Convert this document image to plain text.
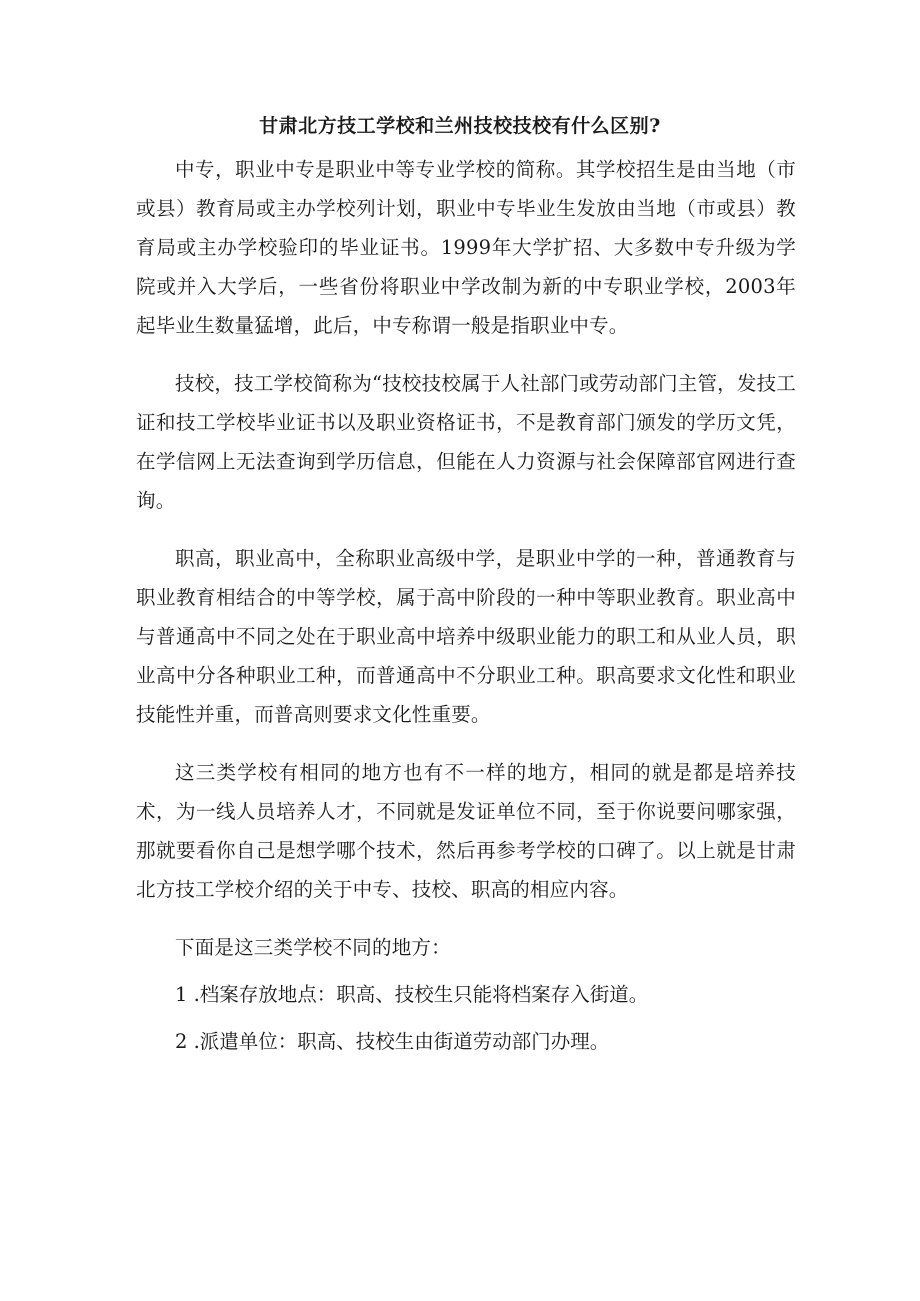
甘肃北方技工学校和兰州技校技校有什么区别?

中专，职业中专是职业中等专业学校的简称。其学校招生是由当地（市或县）教育局或主办学校列计划，职业中专毕业生发放由当地（市或县）教育局或主办学校验印的毕业证书。1999年大学扩招、大多数中专升级为学院或并入大学后，一些省份将职业中学改制为新的中专职业学校，2003年起毕业生数量猛增，此后，中专称谓一般是指职业中专。

技校，技工学校简称为“技校技校属于人社部门或劳动部门主管，发技工证和技工学校毕业证书以及职业资格证书，不是教育部门颁发的学历文凭，在学信网上无法查询到学历信息，但能在人力资源与社会保障部官网进行查询。

职高，职业高中，全称职业高级中学，是职业中学的一种，普通教育与职业教育相结合的中等学校，属于高中阶段的一种中等职业教育。职业高中与普通高中不同之处在于职业高中培养中级职业能力的职工和从业人员，职业高中分各种职业工种，而普通高中不分职业工种。职高要求文化性和职业技能性并重，而普高则要求文化性重要。

这三类学校有相同的地方也有不一样的地方，相同的就是都是培养技术，为一线人员培养人才，不同就是发证单位不同，至于你说要问哪家强，那就要看你自己是想学哪个技术，然后再参考学校的口碑了。以上就是甘肃北方技工学校介绍的关于中专、技校、职高的相应内容。

下面是这三类学校不同的地方：

1 .档案存放地点：职高、技校生只能将档案存入街道。

2 .派遣单位：职高、技校生由街道劳动部门办理。
